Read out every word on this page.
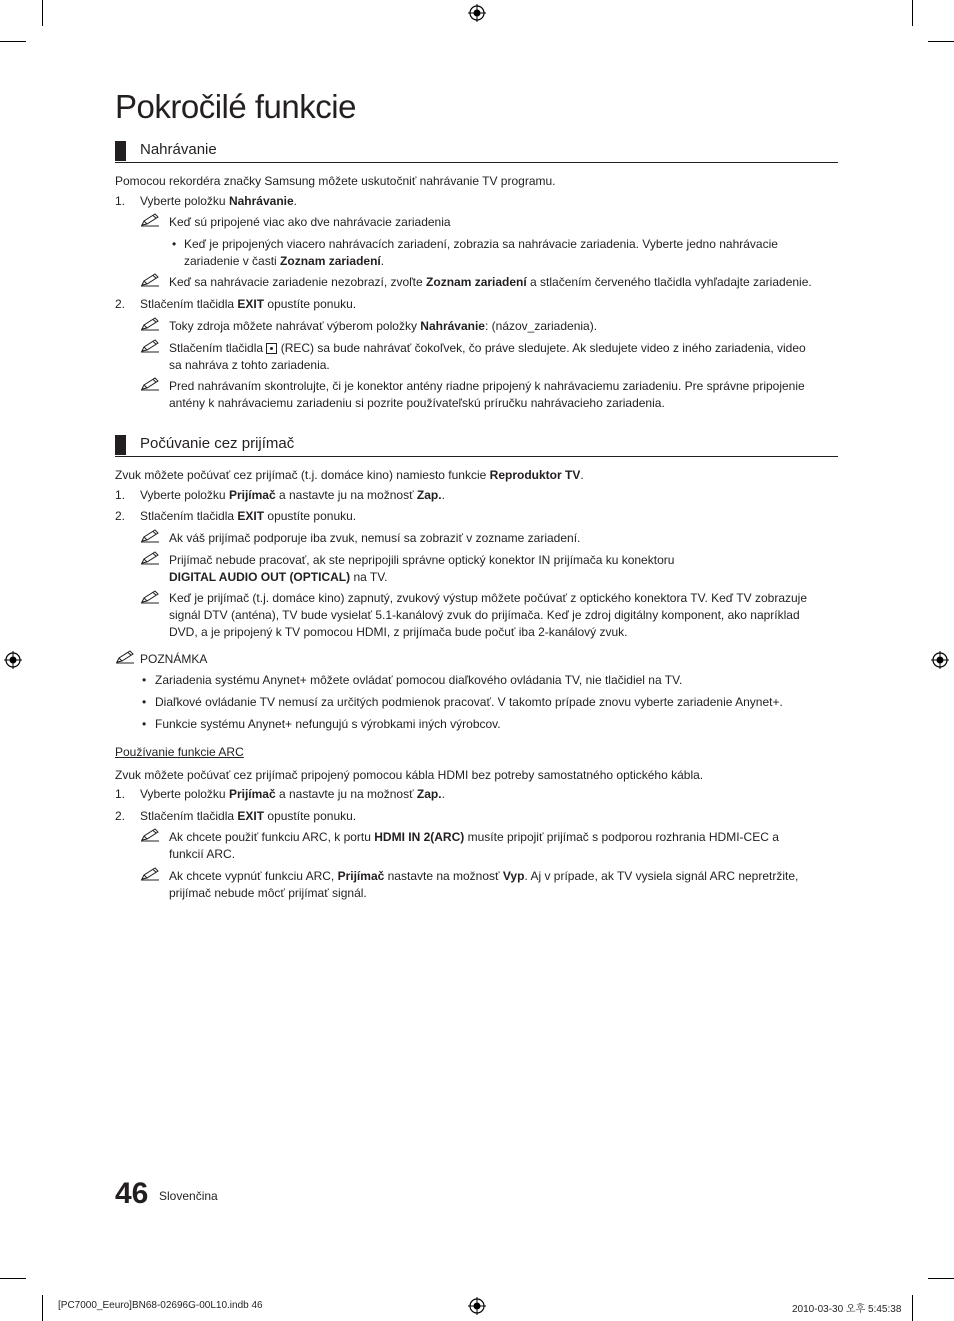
Pokročilé funkcie
Nahrávanie
Pomocou rekordéra značky Samsung môžete uskutočniť nahrávanie TV programu.
1. Vyberte položku Nahrávanie.
Keď sú pripojené viac ako dve nahrávacie zariadenia
• Keď je pripojených viacero nahrávacích zariadení, zobrazia sa nahrávacie zariadenia. Vyberte jedno nahrávacie
zariadenie v časti Zoznam zariadení.
Keď sa nahrávacie zariadenie nezobrazí, zvoľte Zoznam zariadení a stlačením červeného tlačidla vyhľadajte zariadenie.
2. Stlačením tlačidla EXIT opustíte ponuku.
Toky zdroja môžete nahrávať výberom položky Nahrávanie: (názov_zariadenia).
Stlačením tlačidla  (REC) sa bude nahrávať čokoľvek, čo práve sledujete. Ak sledujete video z iného zariadenia, video
sa nahráva z tohto zariadenia.
Pred nahrávaním skontrolujte, či je konektor antény riadne pripojený k nahrávaciemu zariadeniu. Pre správne pripojenie
antény k nahrávaciemu zariadeniu si pozrite používateľskú príručku nahrávacieho zariadenia.
Počúvanie cez prijímač
Zvuk môžete počúvať cez prijímač (t.j. domáce kino) namiesto funkcie Reproduktor TV.
1. Vyberte položku Prijímač a nastavte ju na možnosť Zap..
2. Stlačením tlačidla EXIT opustíte ponuku.
Ak váš prijímač podporuje iba zvuk, nemusí sa zobraziť v zozname zariadení.
Prijímač nebude pracovať, ak ste nepripojili správne optický konektor IN prijímača ku konektoru
DIGITAL AUDIO OUT (OPTICAL) na TV.
Keď je prijímač (t.j. domáce kino) zapnutý, zvukový výstup môžete počúvať z optického konektora TV. Keď TV zobrazuje
signál DTV (anténa), TV bude vysielať 5.1-kanálový zvuk do prijímača. Keď je zdroj digitálny komponent, ako napríklad
DVD, a je pripojený k TV pomocou HDMI, z prijímača bude počuť iba 2-kanálový zvuk.
POZNÁMKA
• Zariadenia systému Anynet+ môžete ovládať pomocou diaľkového ovládania TV, nie tlačidiel na TV.
• Diaľkové ovládanie TV nemusí za určitých podmienok pracovať. V takomto prípade znovu vyberte zariadenie Anynet+.
• Funkcie systému Anynet+ nefungujú s výrobkami iných výrobcov.
Používanie funkcie ARC
Zvuk môžete počúvať cez prijímač pripojený pomocou kábla HDMI bez potreby samostatného optického kábla.
1. Vyberte položku Prijímač a nastavte ju na možnosť Zap..
2. Stlačením tlačidla EXIT opustíte ponuku.
Ak chcete použiť funkciu ARC, k portu HDMI IN 2(ARC) musíte pripojiť prijímač s podporou rozhrania HDMI-CEC a
funkcií ARC.
Ak chcete vypnúť funkciu ARC, Prijímač nastavte na možnosť Vyp. Aj v prípade, ak TV vysiela signál ARC nepretržite,
prijímač nebude môcť prijímať signál.
46 Slovenčina
[PC7000_Eeuro]BN68-02696G-00L10.indb 46	2010-03-30 오후 5:45:38
